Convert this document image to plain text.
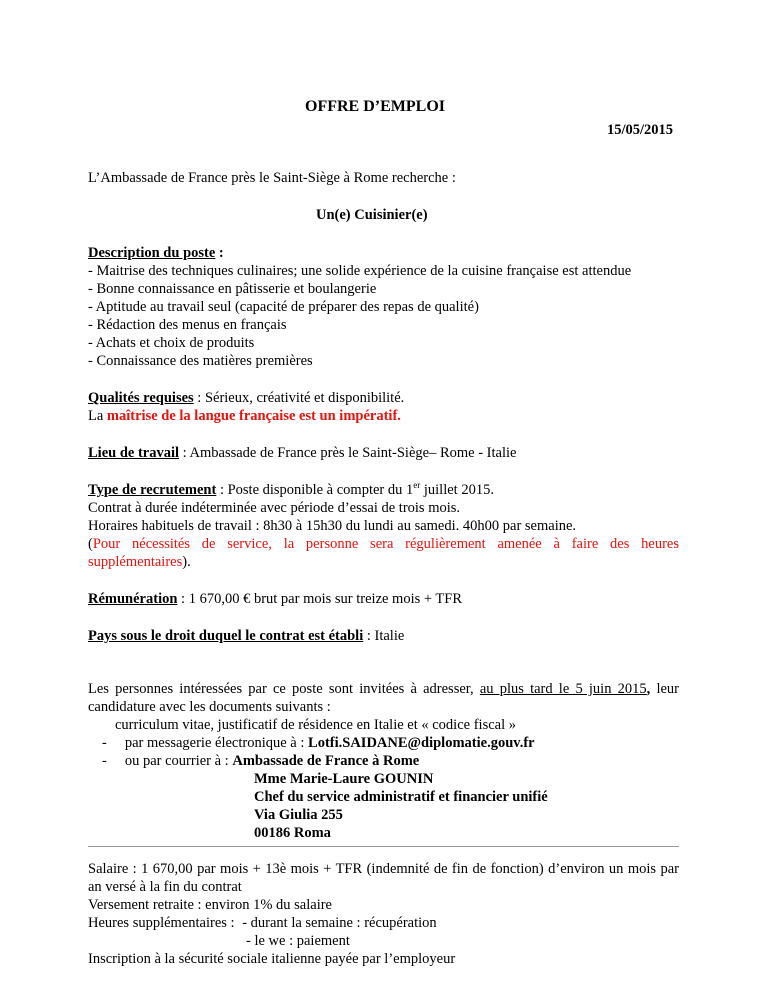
OFFRE D’EMPLOI
15/05/2015
L’Ambassade de France près le Saint-Siège à Rome recherche :
Un(e) Cuisinier(e)
Description du poste :
- Maitrise des techniques culinaires; une solide expérience de la cuisine française est attendue
- Bonne connaissance en pâtisserie et boulangerie
- Aptitude au travail seul (capacité de préparer des repas de qualité)
- Rédaction des menus en français
- Achats et choix de produits
- Connaissance des matières premières
Qualités requises : Sérieux, créativité et disponibilité.
La maîtrise de la langue française est un impératif.
Lieu de travail : Ambassade de France près le Saint-Siège– Rome - Italie
Type de recrutement : Poste disponible à compter du 1er juillet 2015.
Contrat à durée indéterminée avec période d’essai de trois mois.
Horaires habituels de travail : 8h30 à 15h30 du lundi au samedi. 40h00 par semaine.
(Pour nécessités de service, la personne sera régulièrement amenée à faire des heures supplémentaires).
Rémunération : 1 670,00 € brut par mois sur treize mois + TFR
Pays sous le droit duquel le contrat est établi : Italie
Les personnes intéressées par ce poste sont invitées à adresser, au plus tard le 5 juin 2015, leur candidature avec les documents suivants :
curriculum vitae, justificatif de résidence en Italie et « codice fiscal »
- par messagerie électronique à : Lotfi.SAIDANE@diplomatie.gouv.fr
- ou par courrier à : Ambassade de France à Rome
Mme Marie-Laure GOUNIN
Chef du service administratif et financier unifié
Via Giulia 255
00186 Roma
Salaire : 1 670,00 par mois + 13è mois + TFR (indemnité de fin de fonction) d’environ un mois par an versé à la fin du contrat
Versement retraite : environ 1% du salaire
Heures supplémentaires : - durant la semaine : récupération
- le we : paiement
Inscription à la sécurité sociale italienne payée par l’employeur
